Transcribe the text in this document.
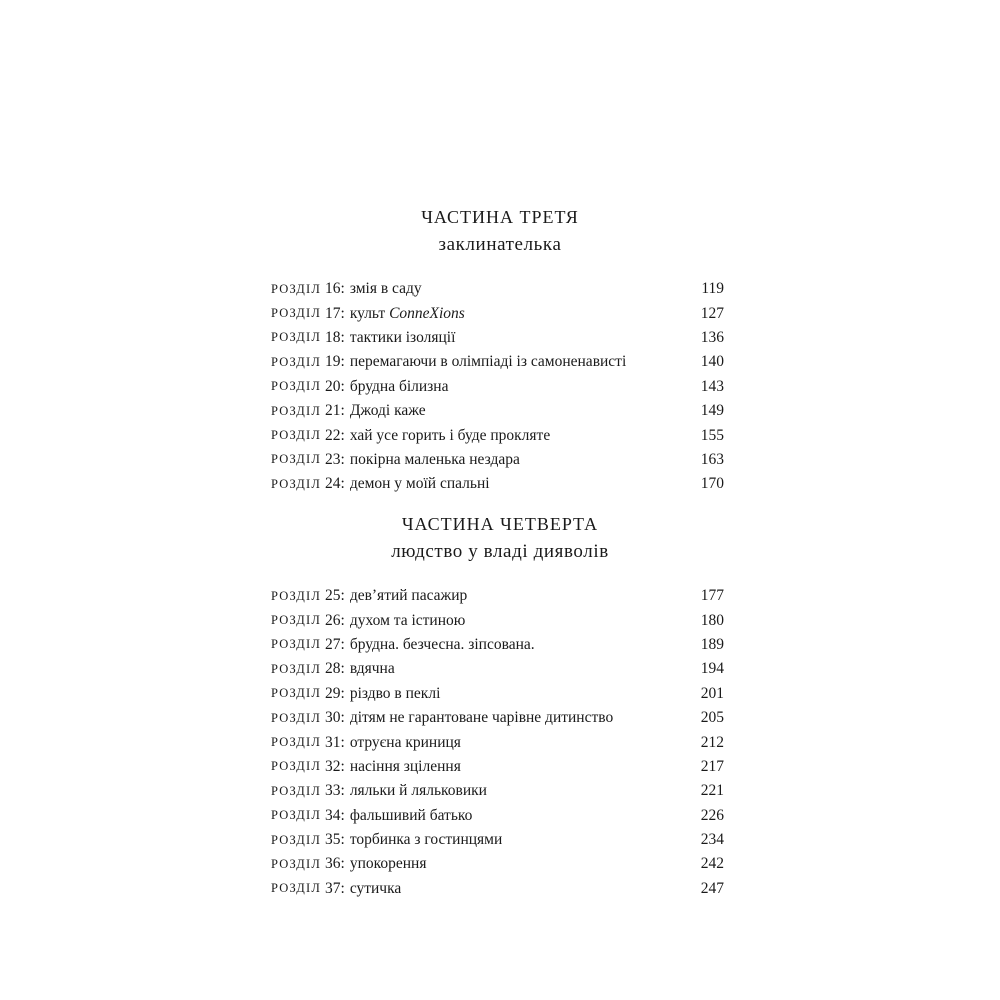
ЧАСТИНА ТРЕТЯ
заклинателька
РОЗДІЛ 16 : змія в саду	119
РОЗДІЛ 17 : культ ConneXions	127
РОЗДІЛ 18 : тактики ізоляції	136
РОЗДІЛ 19 : перемагаючи в олімпіаді із самоненависті	140
РОЗДІЛ 20 : брудна білизна	143
РОЗДІЛ 21 : Джоді каже	149
РОЗДІЛ 22 : хай усе горить і буде прокляте	155
РОЗДІЛ 23 : покірна маленька нездара	163
РОЗДІЛ 24 : демон у моїй спальні	170
ЧАСТИНА ЧЕТВЕРТА
людство у владі дияволів
РОЗДІЛ 25 : дев’ятий пасажир	177
РОЗДІЛ 26 : духом та істиною	180
РОЗДІЛ 27 : брудна. безчесна. зіпсована.	189
РОЗДІЛ 28 : вдячна	194
РОЗДІЛ 29 : різдво в пеклі	201
РОЗДІЛ 30 : дітям не гарантоване чарівне дитинство	205
РОЗДІЛ 31 : отруєна криниця	212
РОЗДІЛ 32 : насіння зцілення	217
РОЗДІЛ 33 : ляльки й ляльковики	221
РОЗДІЛ 34 : фальшивий батько	226
РОЗДІЛ 35 : торбинка з гостинцями	234
РОЗДІЛ 36 : упокорення	242
РОЗДІЛ 37 : сутичка	247
